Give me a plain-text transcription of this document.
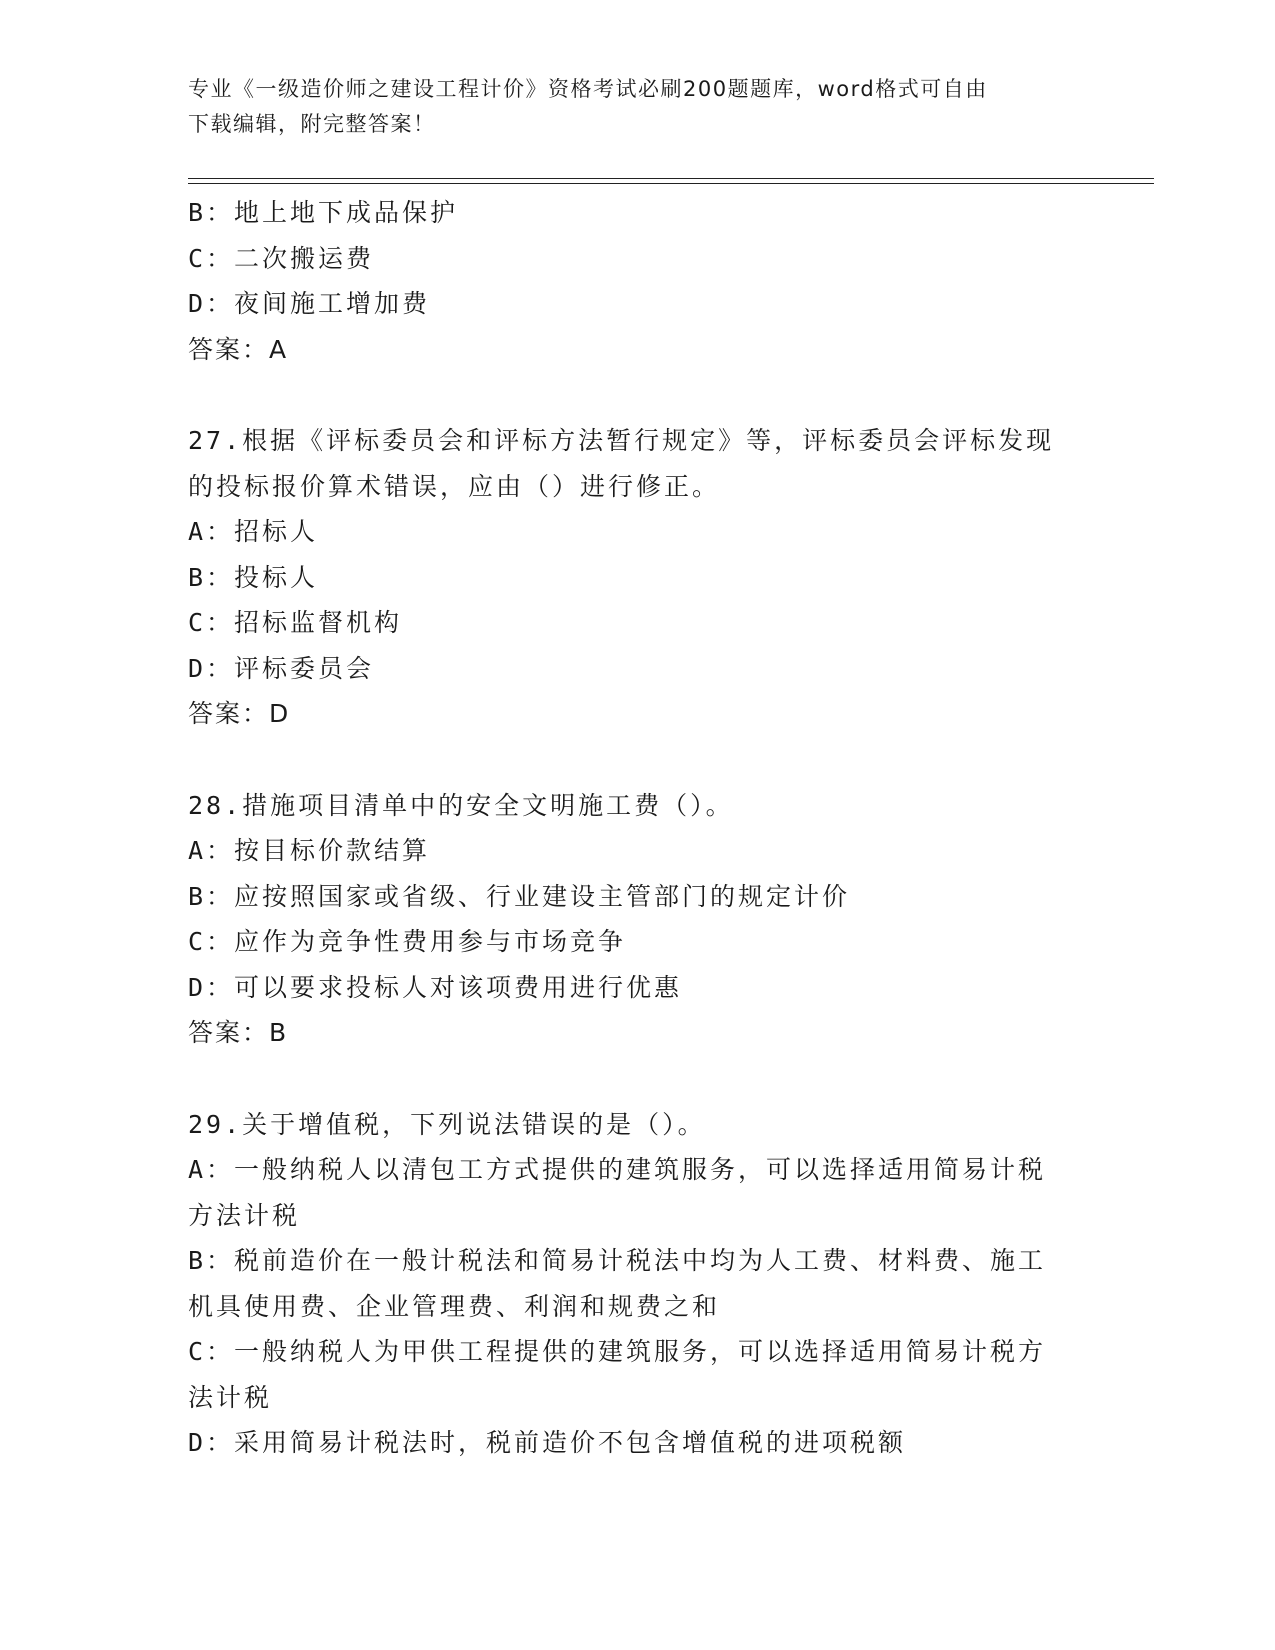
专业《一级造价师之建设工程计价》资格考试必刷200题题库，word格式可自由
下载编辑，附完整答案！
B：地上地下成品保护
C：二次搬运费
D：夜间施工增加费
答案：A
27.根据《评标委员会和评标方法暂行规定》等，评标委员会评标发现
的投标报价算术错误，应由（）进行修正。
A：招标人
B：投标人
C：招标监督机构
D：评标委员会
答案：D
28.措施项目清单中的安全文明施工费（）。
A：按目标价款结算
B：应按照国家或省级、行业建设主管部门的规定计价
C：应作为竞争性费用参与市场竞争
D：可以要求投标人对该项费用进行优惠
答案：B
29.关于增值税，下列说法错误的是（）。
A：一般纳税人以清包工方式提供的建筑服务，可以选择适用简易计税
方法计税
B：税前造价在一般计税法和简易计税法中均为人工费、材料费、施工
机具使用费、企业管理费、利润和规费之和
C：一般纳税人为甲供工程提供的建筑服务，可以选择适用简易计税方
法计税
D：采用简易计税法时，税前造价不包含增值税的进项税额
